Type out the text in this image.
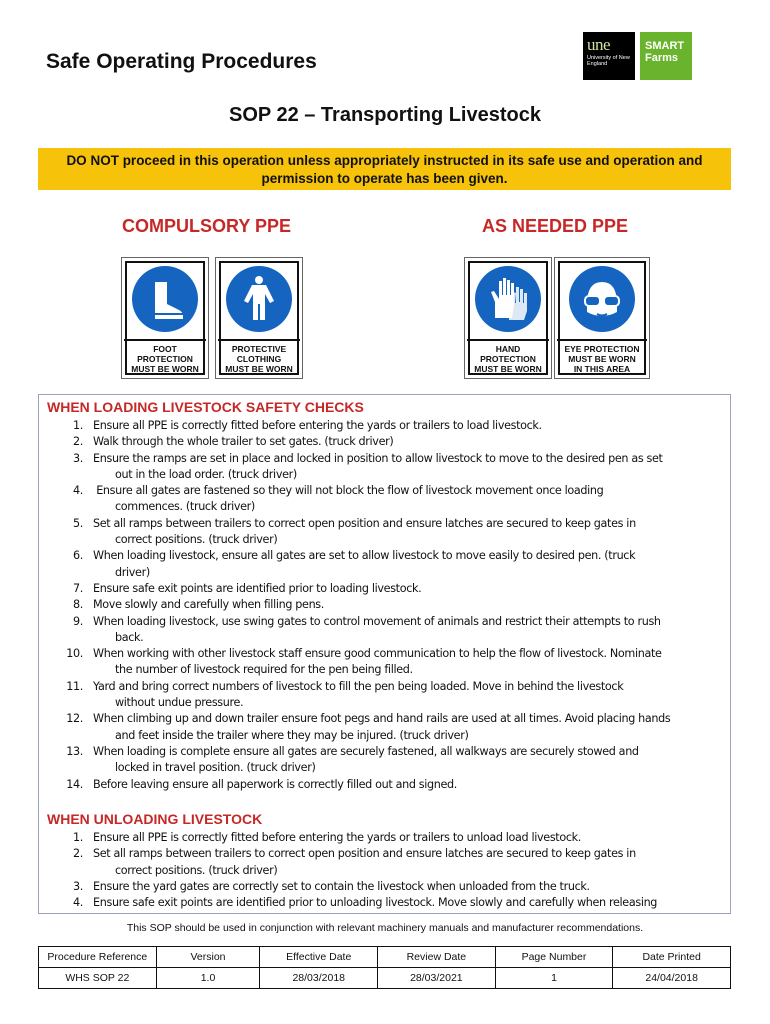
Safe Operating Procedures
une
University of New England
SMART
Farms
SOP 22 – Transporting Livestock
DO NOT proceed in this operation unless appropriately instructed in its safe use and operation and permission to operate has been given.
COMPULSORY PPE	AS NEEDED PPE
FOOT
PROTECTION
MUST BE WORN
PROTECTIVE
CLOTHING
MUST BE WORN
HAND
PROTECTION
MUST BE WORN
EYE PROTECTION
MUST BE WORN
IN THIS AREA
WHEN LOADING LIVESTOCK SAFETY CHECKS
1. Ensure all PPE is correctly fitted before entering the yards or trailers to load livestock.
2. Walk through the whole trailer to set gates. (truck driver)
3. Ensure the ramps are set in place and locked in position to allow livestock to move to the desired pen as set
out in the load order. (truck driver)
4. Ensure all gates are fastened so they will not block the flow of livestock movement once loading
commences. (truck driver)
5. Set all ramps between trailers to correct open position and ensure latches are secured to keep gates in
correct positions. (truck driver)
6. When loading livestock, ensure all gates are set to allow livestock to move easily to desired pen. (truck
driver)
7. Ensure safe exit points are identified prior to loading livestock.
8. Move slowly and carefully when filling pens.
9. When loading livestock, use swing gates to control movement of animals and restrict their attempts to rush
back.
10. When working with other livestock staff ensure good communication to help the flow of livestock. Nominate
the number of livestock required for the pen being filled.
11. Yard and bring correct numbers of livestock to fill the pen being loaded. Move in behind the livestock
without undue pressure.
12. When climbing up and down trailer ensure foot pegs and hand rails are used at all times. Avoid placing hands
and feet inside the trailer where they may be injured. (truck driver)
13. When loading is complete ensure all gates are securely fastened, all walkways are securely stowed and
locked in travel position. (truck driver)
14. Before leaving ensure all paperwork is correctly filled out and signed.
WHEN UNLOADING LIVESTOCK
1. Ensure all PPE is correctly fitted before entering the yards or trailers to unload load livestock.
2. Set all ramps between trailers to correct open position and ensure latches are secured to keep gates in
correct positions. (truck driver)
3. Ensure the yard gates are correctly set to contain the livestock when unloaded from the truck.
4. Ensure safe exit points are identified prior to unloading livestock. Move slowly and carefully when releasing
This SOP should be used in conjunction with relevant machinery manuals and manufacturer recommendations.
Procedure Reference	Version	Effective Date	Review Date	Page Number	Date Printed
WHS SOP 22	1.0	28/03/2018	28/03/2021	1	24/04/2018
